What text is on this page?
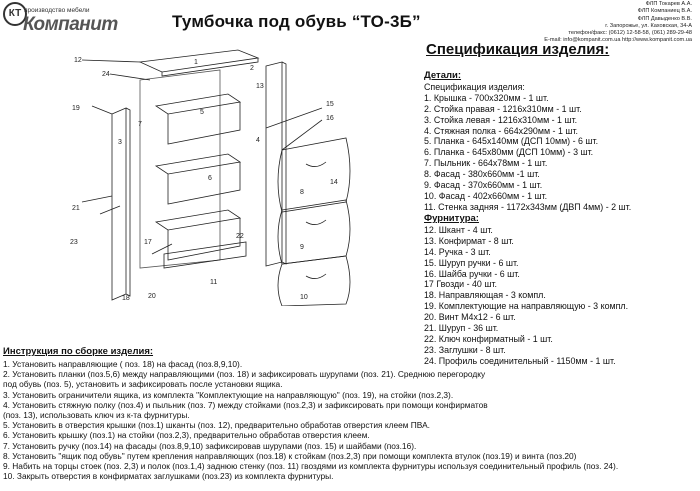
КТ производство мебели
Компанит	Тумбочка под обувь “ТО-3Б”
ФЛП Токарев А.А.
ФЛП Компаниец В.А.
ФЛП Давыденко В.В.
г. Запорожье, ул. Каховская, 34-А
телефон/факс: (0612) 12-58-58, (061) 289-29-48
E-mail: info@kompanit.com.ua http://www.kompanit.com.ua
12
24
1
19
2
3
7
21
17
23
18	20
22
13
4
5
6
8
9
10
11
14
15
16
Спецификация изделия:
Детали:
Спецификация изделия:
1. Крышка - 700х320мм - 1 шт.
2. Стойка правая - 1216х310мм - 1 шт.
3. Стойка левая - 1216х310мм - 1 шт.
4. Стяжная полка - 664х290мм - 1 шт.
5. Планка - 645х140мм (ДСП 10мм) - 6 шт.
6. Планка - 645х80мм (ДСП 10мм) - 3 шт.
7. Пыльник - 664х78мм - 1 шт.
8. Фасад - 380х660мм -1 шт.
9. Фасад - 370х660мм - 1 шт.
10. Фасад - 402х660мм - 1 шт.
11. Стенка задняя - 1172х343мм (ДВП 4мм) - 2 шт.
Фурнитура:
12. Шкант - 4 шт.
13. Конфирмат - 8 шт.
14. Ручка - 3 шт.
15. Шуруп ручки - 6 шт.
16. Шайба ручки - 6 шт.
17 Гвозди - 40 шт.
18. Направляющая - 3 компл.
19. Комплектующие на направляющую - 3 компл.
20. Винт М4х12 - 6 шт.
21. Шуруп - 36 шт.
22. Ключ конфирматный - 1 шт.
23. Заглушки - 8 шт.
24. Профиль соединительный - 1150мм - 1 шт.
Инструкция по сборке изделия:
1. Установить направляющие ( поз. 18) на фасад (поз.8,9,10).
2. Установить планки (поз.5,6) между направляющими (поз. 18) и зафиксировать шурупами (поз. 21). Среднюю перегородку
под обувь (поз. 5), установить и зафиксировать после установки ящика.
3. Установить ограничители ящика, из комплекта "Комплектующие на направляющую" (поз. 19), на стойки (поз.2,3).
4. Установить стяжную полку (поз.4) и пыльник (поз. 7) между стойками (поз.2,3) и зафиксировать при помощи конфирматов
(поз. 13), использовать ключ из к-та фурнитуры.
5. Установить в отверстия крышки (поз.1) шканты (поз. 12), предварительно обработав отверстия клеем ПВА.
6. Установить крышку (поз.1) на стойки (поз.2,3), предварительно обработав отверстия клеем.
7. Установить ручку (поз.14) на фасады (поз.8,9,10) зафиксировав шурупами (поз. 15) и шайбами (поз.16).
8. Установить "ящик под обувь" путем крепления направляющих (поз.18) к стойкам (поз.2,3) при помощи комплекта втулок (поз.19) и винта (поз.20)
9. Набить на торцы стоек (поз. 2,3) и полок (поз.1,4) заднюю стенку (поз. 11) гвоздями из комплекта фурнитуры используя соединительный профиль (поз. 24).
10. Закрыть отверстия в конфирматах заглушками (поз.23) из комплекта фурнитуры.
